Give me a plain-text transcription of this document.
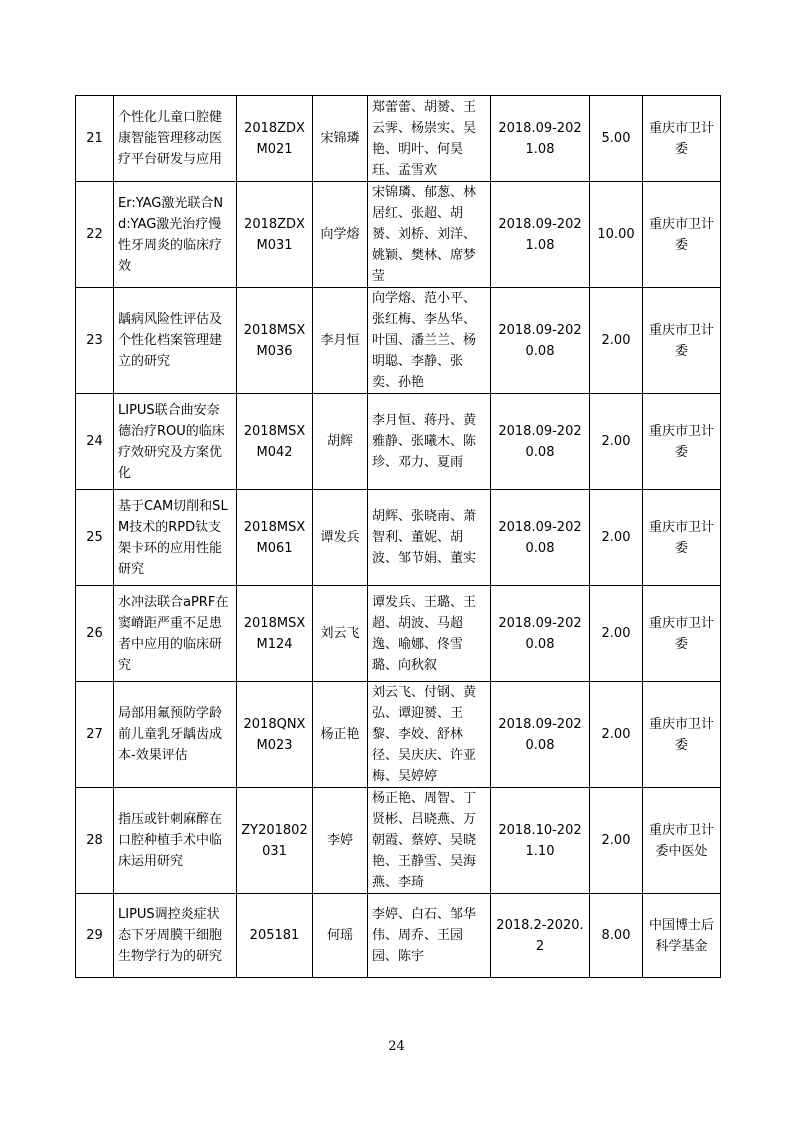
21	个性化儿童口腔健康智能管理移动医疗平台研发与应用	2018ZDXM021	宋锦璘	郑蕾蕾、胡赟、王云霁、杨崇实、吴艳、明叶、何昊珏、孟雪欢	2018.09-2021.08	5.00	重庆市卫计委
22	Er:YAG激光联合Nd:YAG激光治疗慢性牙周炎的临床疗效	2018ZDXM031	向学熔	宋锦璘、郁葱、林居红、张超、胡赟、刘桥、刘洋、姚颖、樊林、席梦莹	2018.09-2021.08	10.00	重庆市卫计委
23	龋病风险性评估及个性化档案管理建立的研究	2018MSXM036	李月恒	向学熔、范小平、张红梅、李丛华、叶国、潘兰兰、杨明聪、李静、张奕、孙艳	2018.09-2020.08	2.00	重庆市卫计委
24	LIPUS联合曲安奈德治疗ROU的临床疗效研究及方案优化	2018MSXM042	胡辉	李月恒、蒋丹、黄雅静、张曦木、陈珍、邓力、夏雨	2018.09-2020.08	2.00	重庆市卫计委
25	基于CAM切削和SLM技术的RPD钛支架卡环的应用性能研究	2018MSXM061	谭发兵	胡辉、张晓南、萧智利、董妮、胡波、邹节娟、董实	2018.09-2020.08	2.00	重庆市卫计委
26	水冲法联合aPRF在窦嵴距严重不足患者中应用的临床研究	2018MSXM124	刘云飞	谭发兵、王璐、王超、胡波、马超逸、喻娜、佟雪璐、向秋叙	2018.09-2020.08	2.00	重庆市卫计委
27	局部用氟预防学龄前儿童乳牙龋齿成本-效果评估	2018QNXM023	杨正艳	刘云飞、付钢、黄弘、谭迎赟、王黎、李姣、舒林径、吴庆庆、许亚梅、吴婷婷	2018.09-2020.08	2.00	重庆市卫计委
28	指压或针刺麻醉在口腔种植手术中临床运用研究	ZY201802031	李婷	杨正艳、周智、丁贤彬、吕晓燕、万朝霞、蔡婷、吴晓艳、王静雪、吴海燕、李琦	2018.10-2021.10	2.00	重庆市卫计委中医处
29	LIPUS调控炎症状态下牙周膜干细胞生物学行为的研究	205181	何瑶	李婷、白石、邹华伟、周乔、王园园、陈宇	2018.2-2020.2	8.00	中国博士后科学基金
24
